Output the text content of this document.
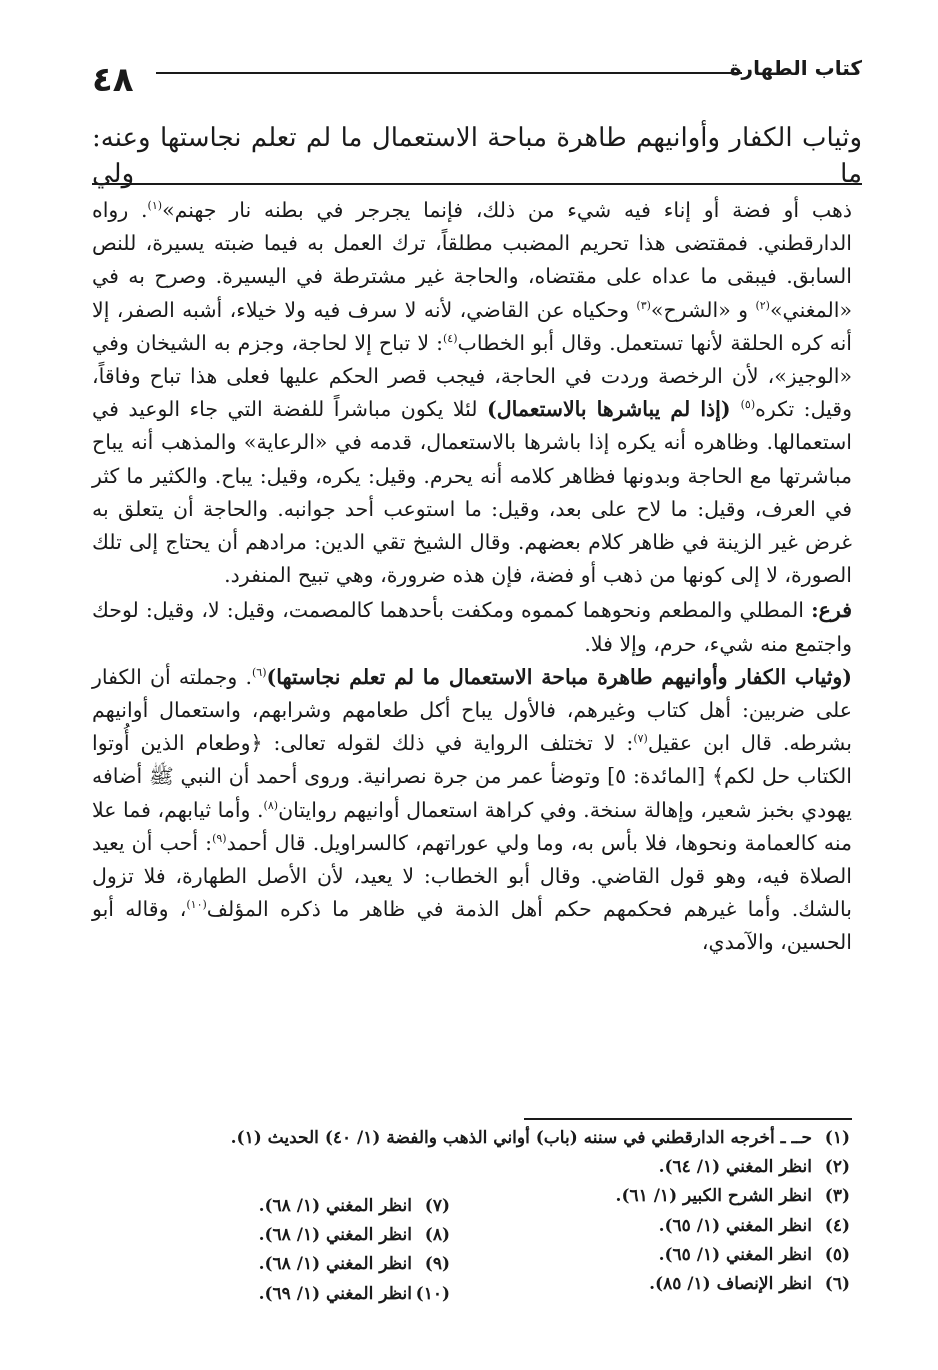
كتاب الطهارة
٤٨
وثياب الكفار وأوانيهم طاهرة مباحة الاستعمال ما لم تعلم نجاستها وعنه: ما ولي

ذهب أو فضة أو إناء فيه شيء من ذلك، فإنما يجرجر في بطنه نار جهنم»$^{(١)}$. رواه الدارقطني. فمقتضى هذا تحريم المضبب مطلقاً، ترك العمل به فيما ضبته يسيرة، للنص السابق. فيبقى ما عداه على مقتضاه، والحاجة غير مشترطة في اليسيرة. وصرح به في «المغني»$^{(٢)}$ و «الشرح»$^{(٣)}$ وحكياه عن القاضي، لأنه لا سرف فيه ولا خيلاء، أشبه الصفر، إلا أنه كره الحلقة لأنها تستعمل. وقال أبو الخطاب$^{(٤)}$: لا تباح إلا لحاجة، وجزم به الشيخان وفي «الوجيز»، لأن الرخصة وردت في الحاجة، فيجب قصر الحكم عليها فعلى هذا تباح وفاقاً، وقيل: تكره$^{(٥)}$ (إذا لم يباشرها بالاستعمال) لئلا يكون مباشراً للفضة التي جاء الوعيد في استعمالها. وظاهره أنه يكره إذا باشرها بالاستعمال، قدمه في «الرعاية» والمذهب أنه يباح مباشرتها مع الحاجة وبدونها فظاهر كلامه أنه يحرم. وقيل: يكره، وقيل: يباح. والكثير ما كثر في العرف، وقيل: ما لاح على بعد، وقيل: ما استوعب أحد جوانبه. والحاجة أن يتعلق به غرض غير الزينة في ظاهر كلام بعضهم. وقال الشيخ تقي الدين: مرادهم أن يحتاج إلى تلك الصورة، لا إلى كونها من ذهب أو فضة، فإن هذه ضرورة، وهي تبيح المنفرد.

فرع: المطلي والمطعم ونحوهما كمموه ومكفت بأحدهما كالمصمت، وقيل: لا، وقيل: لوحك واجتمع منه شيء، حرم، وإلا فلا.

(وثياب الكفار وأوانيهم طاهرة مباحة الاستعمال ما لم تعلم نجاستها)$^{(٦)}$. وجملته أن الكفار على ضربين: أهل كتاب وغيرهم، فالأول يباح أكل طعامهم وشرابهم، واستعمال أوانيهم بشرطه. قال ابن عقيل$^{(٧)}$: لا تختلف الرواية في ذلك لقوله تعالى: ﴿وطعام الذين أُوتوا الكتاب حل لكم﴾ [المائدة: ٥] وتوضأ عمر من جرة نصرانية. وروى أحمد أن النبي ﷺ أضافه يهودي بخبز شعير، وإهالة سنخة. وفي كراهة استعمال أوانيهم روايتان$^{(٨)}$. وأما ثيابهم، فما علا منه كالعمامة ونحوها، فلا بأس به، وما ولي عوراتهم، كالسراويل. قال أحمد$^{(٩)}$: أحب أن يعيد الصلاة فيه، وهو قول القاضي. وقال أبو الخطاب: لا يعيد، لأن الأصل الطهارة، فلا تزول بالشك. وأما غيرهم فحكمهم حكم أهل الذمة في ظاهر ما ذكره المؤلف$^{(١٠)}$، وقاله أبو الحسين، والآمدي،

(١)حــ ـ أخرجه الدارقطني في سننه (باب) أواني الذهب والفضة (١/ ٤٠) الحديث (١).
(٢)انظر المغني (١/ ٦٤).
(٣)انظر الشرح الكبير (١/ ٦١).
(٤)انظر المغني (١/ ٦٥).
(٥)انظر المغني (١/ ٦٥).
(٦)انظر الإنصاف (١/ ٨٥).
(٧)انظر المغني (١/ ٦٨).
(٨)انظر المغني (١/ ٦٨).
(٩)انظر المغني (١/ ٦٨).
(١٠)انظر المغني (١/ ٦٩).
